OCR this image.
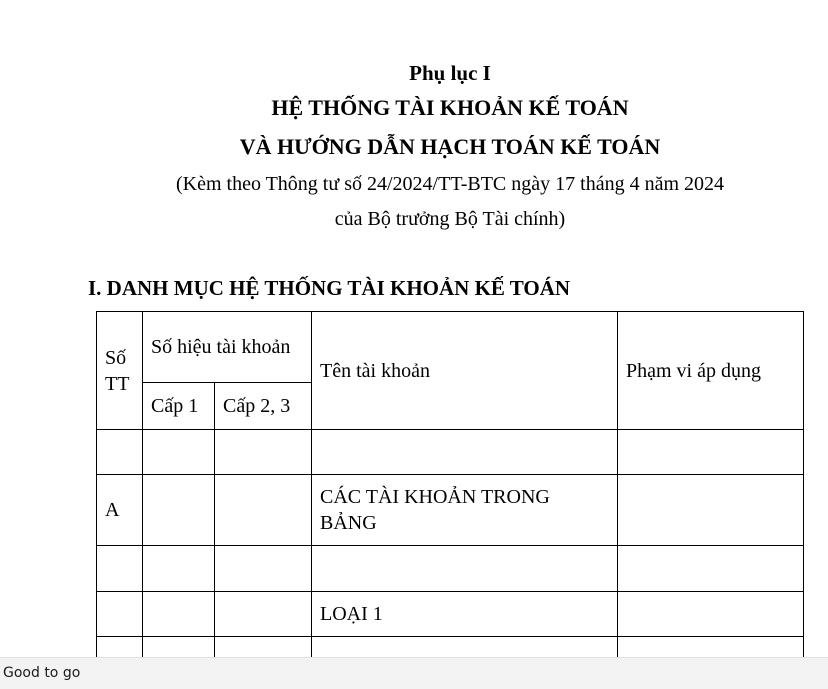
Phụ lục I
HỆ THỐNG TÀI KHOẢN KẾ TOÁN
VÀ HƯỚNG DẪN HẠCH TOÁN KẾ TOÁN
(Kèm theo Thông tư số 24/2024/TT-BTC ngày 17 tháng 4 năm 2024
của Bộ trưởng Bộ Tài chính)
I. DANH MỤC HỆ THỐNG TÀI KHOẢN KẾ TOÁN
Số TT	Số hiệu tài khoản		Tên tài khoản	Phạm vi áp dụng
	Cấp 1	Cấp 2, 3		

A			CÁC TÀI KHOẢN TRONG BẢNG	

			LOẠI 1	

Good to go
